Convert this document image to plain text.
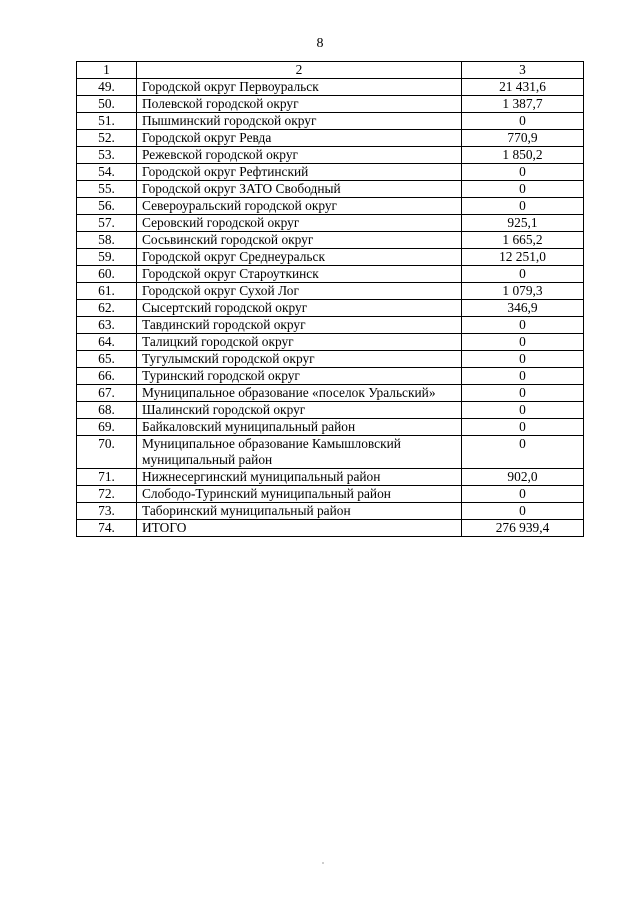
8
1	2	3
49.	Городской округ Первоуральск	21 431,6
50.	Полевской городской округ	1 387,7
51.	Пышминский городской округ	0
52.	Городской округ Ревда	770,9
53.	Режевской городской округ	1 850,2
54.	Городской округ Рефтинский	0
55.	Городской округ ЗАТО Свободный	0
56.	Североуральский городской округ	0
57.	Серовский городской округ	925,1
58.	Сосьвинский городской округ	1 665,2
59.	Городской округ Среднеуральск	12 251,0
60.	Городской округ Староуткинск	0
61.	Городской округ Сухой Лог	1 079,3
62.	Сысертский городской округ	346,9
63.	Тавдинский городской округ	0
64.	Талицкий городской округ	0
65.	Тугулымский городской округ	0
66.	Туринский городской округ	0
67.	Муниципальное образование «поселок Уральский»	0
68.	Шалинский городской округ	0
69.	Байкаловский муниципальный район	0
70.	Муниципальное образование Камышловский муниципальный район	0
71.	Нижнесергинский муниципальный район	902,0
72.	Слободо-Туринский муниципальный район	0
73.	Таборинский муниципальный район	0
74.	ИТОГО	276 939,4
